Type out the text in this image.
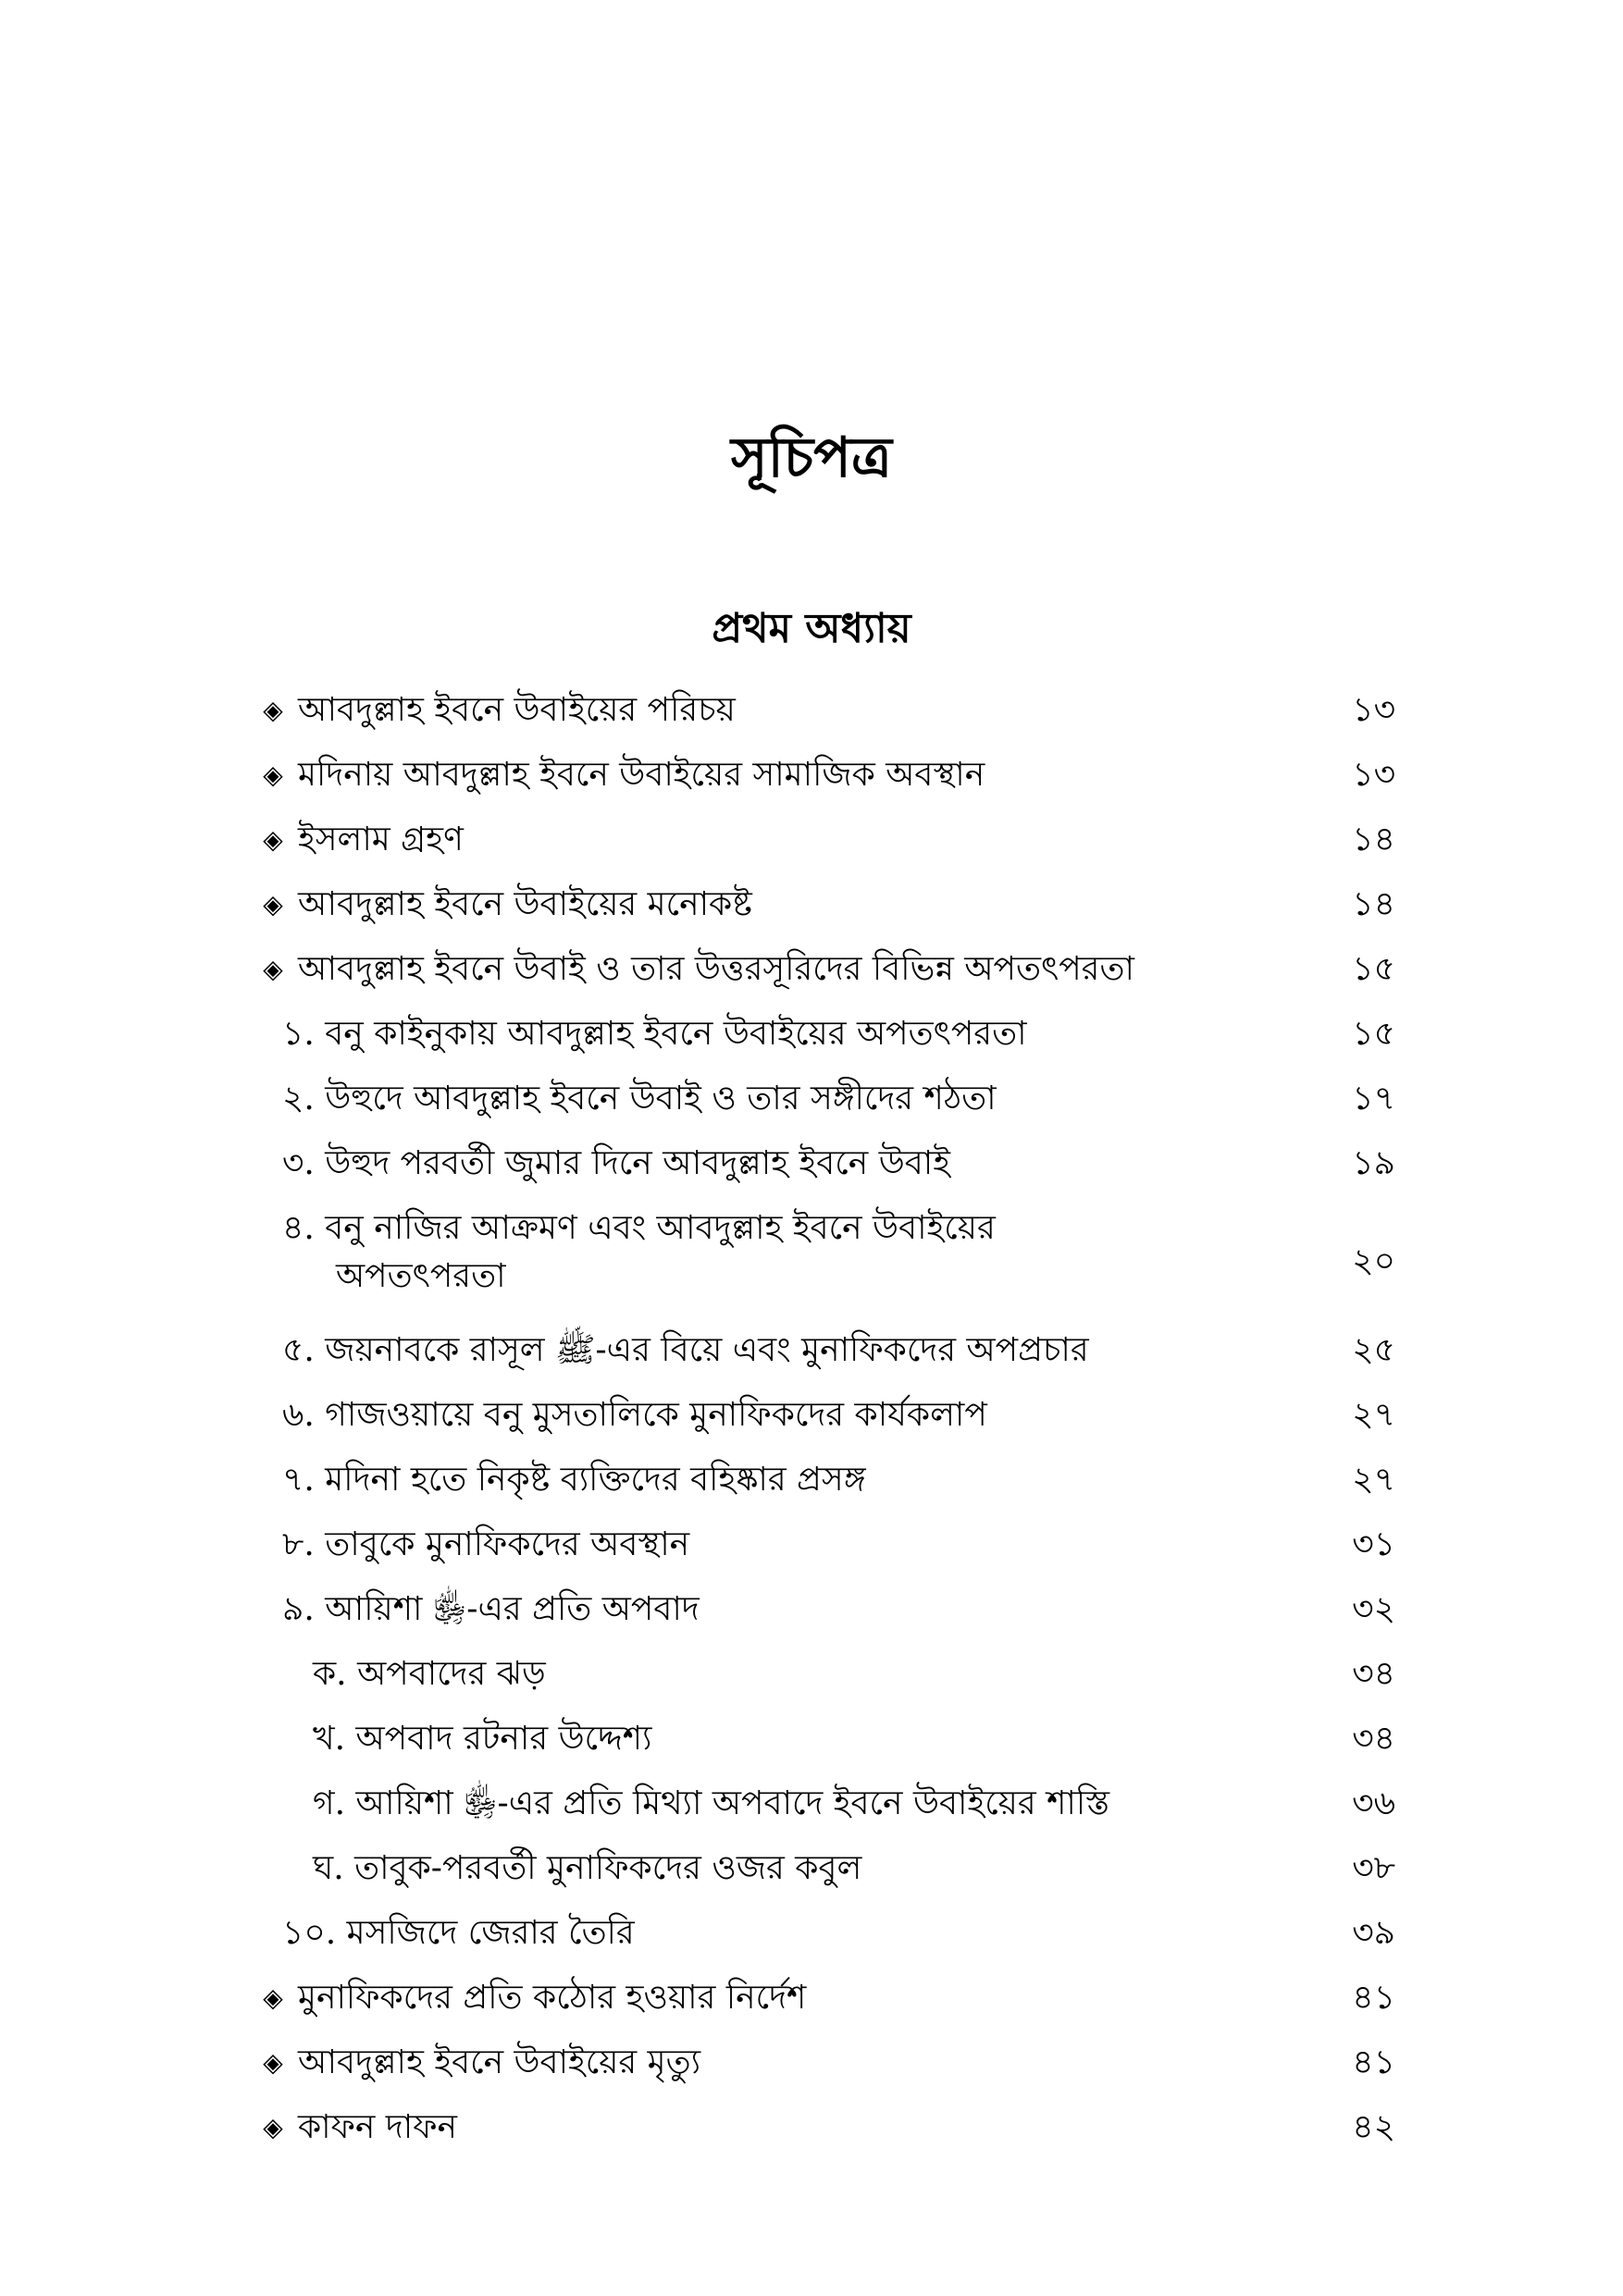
সূচিপত্র
প্রথম অধ্যায়
◈ আবদুল্লাহ ইবনে উবাইয়ের পরিচয়	১৩
◈ মদিনায় আবদুল্লাহ ইবনে উবাইয়ের সামাজিক অবস্থান	১৩
◈ ইসলাম গ্রহণ	১৪
◈ আবদুল্লাহ ইবনে উবাইয়ের মনোকষ্ট	১৪
◈ আবদুল্লাহ ইবনে উবাই ও তার উত্তরসূরিদের বিভিন্ন অপতৎপরতা	১৫
১. বনু কাইনুকায় আবদুল্লাহ ইবনে উবাইয়ের অপতৎপরতা	১৫
২. উহুদে আবদুল্লাহ ইবনে উবাই ও তার সঙ্গীদের শঠতা	১৭
৩. উহুদ পরবর্তী জুমার দিনে আবদুল্লাহ ইবনে উবাই	১৯
৪. বনু নাজির আক্রমণ এবং আবদুল্লাহ ইবনে উবাইয়ের
অপতৎপরতা	২০
৫. জয়নাবকে রাসূল ﷺ-এর বিয়ে এবং মুনাফিকদের অপপ্রচার	২৫
৬. গাজওয়ায়ে বনু মুসতালিকে মুনাফিকদের কার্যকলাপ	২৭
৭. মদিনা হতে নিকৃষ্ট ব্যক্তিদের বহিষ্কার প্রসঙ্গ	২৭
৮. তাবুকে মুনাফিকদের অবস্থান	৩১
৯. আয়িশা ﵂-এর প্রতি অপবাদ	৩২
ক. অপবাদের ঝড়	৩৪
খ. অপবাদ রটনার উদ্দেশ্য	৩৪
গ. আয়িশা ﵂-এর প্রতি মিথ্যা অপবাদে ইবনে উবাইয়ের শাস্তি	৩৬
ঘ. তাবুক-পরবর্তী মুনাফিকদের ওজর কবুল	৩৮
১০. মসজিদে জেরার তৈরি	৩৯
◈ মুনাফিকদের প্রতি কঠোর হওয়ার নির্দেশ	৪১
◈ আবদুল্লাহ ইবনে উবাইয়ের মৃত্যু	৪১
◈ কাফন দাফন	৪২
